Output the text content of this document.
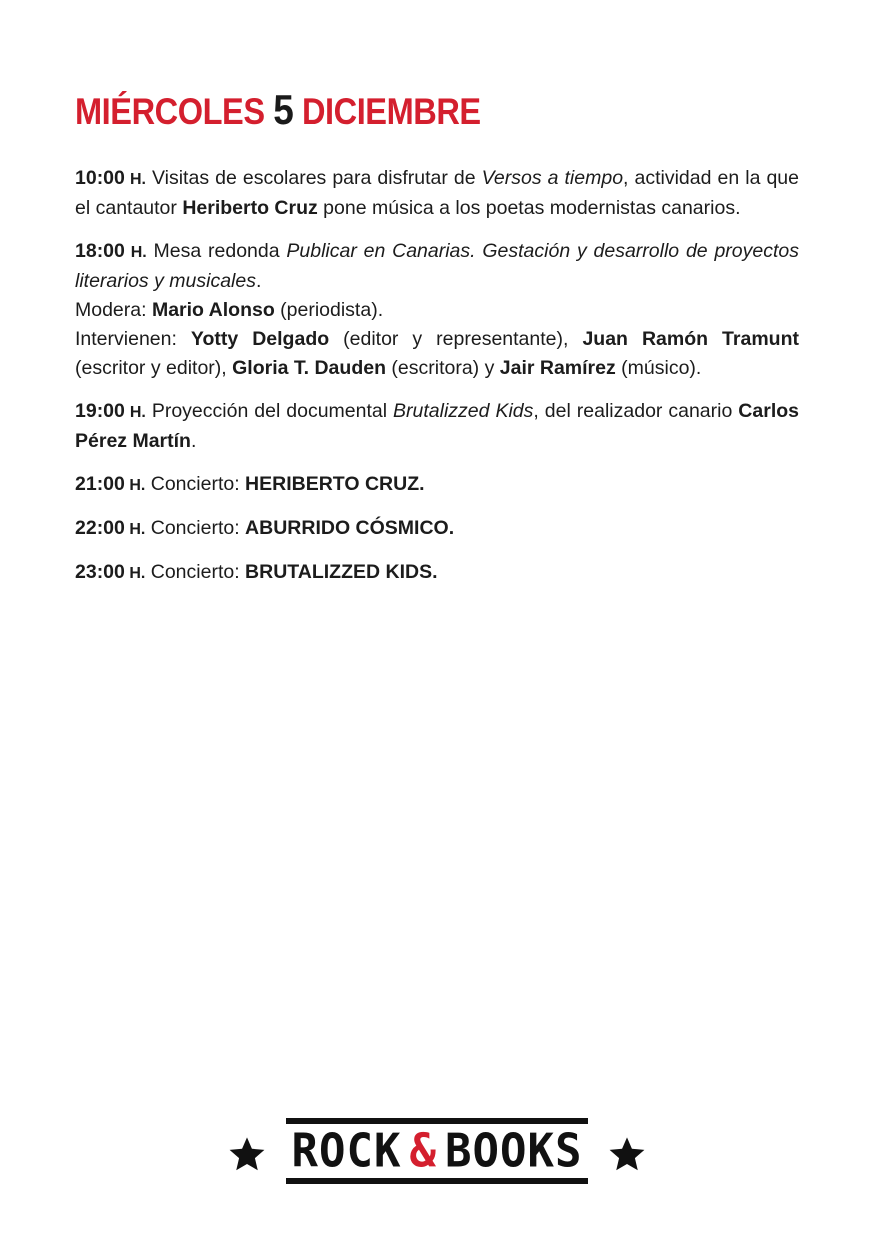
MIÉRCOLES 5 DICIEMBRE
10:00 H. Visitas de escolares para disfrutar de Versos a tiempo, actividad en la que el cantautor Heriberto Cruz pone música a los poetas modernistas canarios.
18:00 H. Mesa redonda Publicar en Canarias. Gestación y desarrollo de proyectos literarios y musicales.
Modera: Mario Alonso (periodista).
Intervienen: Yotty Delgado (editor y representante), Juan Ramón Tramunt (escritor y editor), Gloria T. Dauden (escritora) y Jair Ramírez (músico).
19:00 H. Proyección del documental Brutalizzed Kids, del realizador canario Carlos Pérez Martín.
21:00 H. Concierto: HERIBERTO CRUZ.
22:00 H. Concierto: ABURRIDO CÓSMICO.
23:00 H. Concierto: BRUTALIZZED KIDS.
ROCK & BOOKS
